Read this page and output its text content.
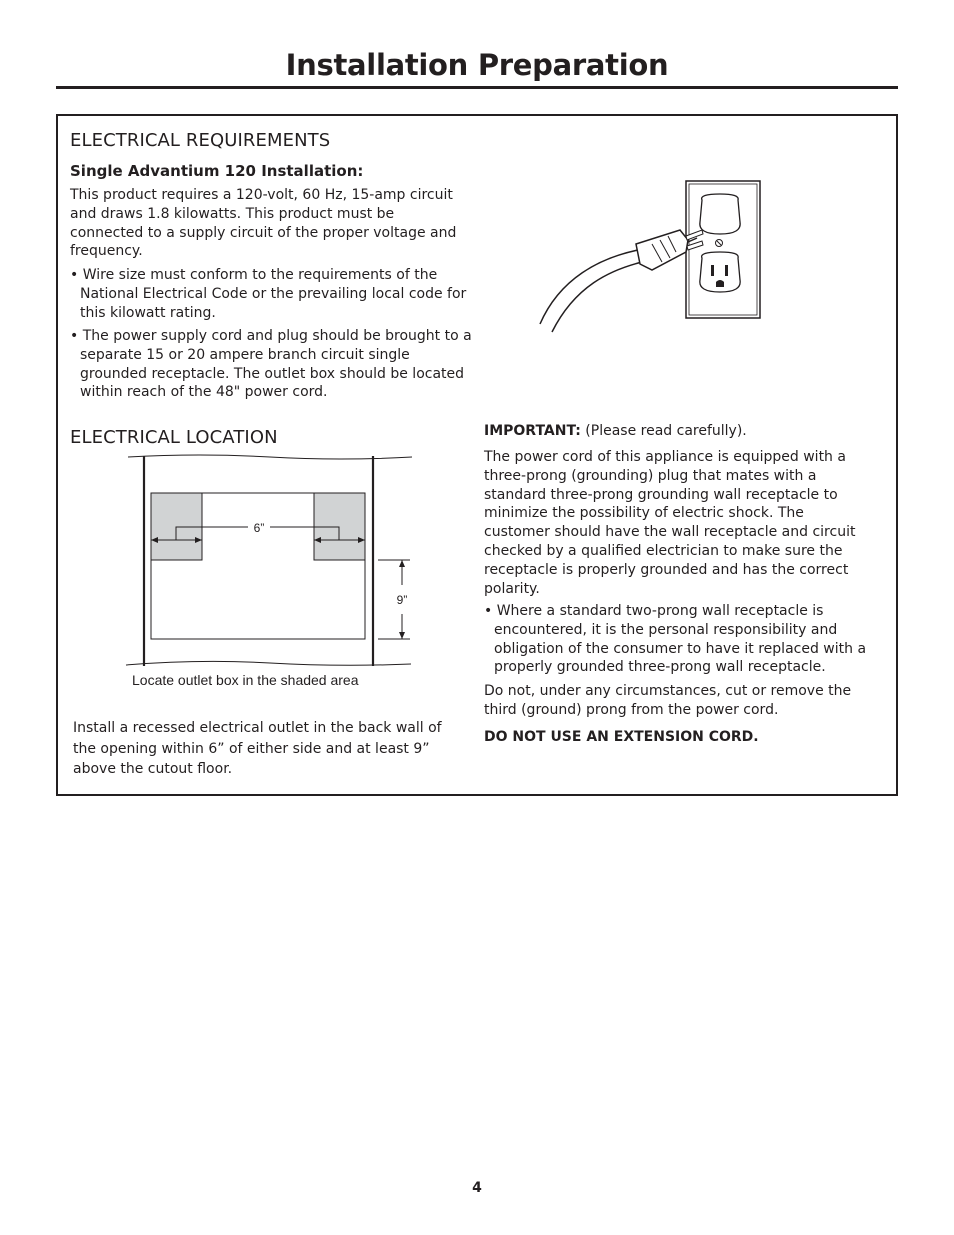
Installation Preparation
ELECTRICAL REQUIREMENTS
Single Advantium 120 Installation:
This product requires a 120-volt, 60 Hz, 15-amp circuit and draws 1.8 kilowatts. This product must be connected to a supply circuit of the proper voltage and frequency.
• Wire size must conform to the requirements of the National Electrical Code or the prevailing local code for this kilowatt rating.
• The power supply cord and plug should be brought to a separate 15 or 20 ampere branch circuit single grounded receptacle. The outlet box should be located within reach of the 48" power cord.
ELECTRICAL LOCATION
6”
9”
Locate outlet box in the shaded area
Install a recessed electrical outlet in the back wall of the opening within 6” of either side and at least 9” above the cutout floor.
IMPORTANT: (Please read carefully).
The power cord of this appliance is equipped with a three-prong (grounding) plug that mates with a standard three-prong grounding wall receptacle to minimize the possibility of electric shock. The customer should have the wall receptacle and circuit checked by a qualified electrician to make sure the receptacle is properly grounded and has the correct polarity.
• Where a standard two-prong wall receptacle is encountered, it is the personal responsibility and obligation of the consumer to have it replaced with a properly grounded three-prong wall receptacle.
Do not, under any circumstances, cut or remove the third (ground) prong from the power cord.
DO NOT USE AN EXTENSION CORD.
4
